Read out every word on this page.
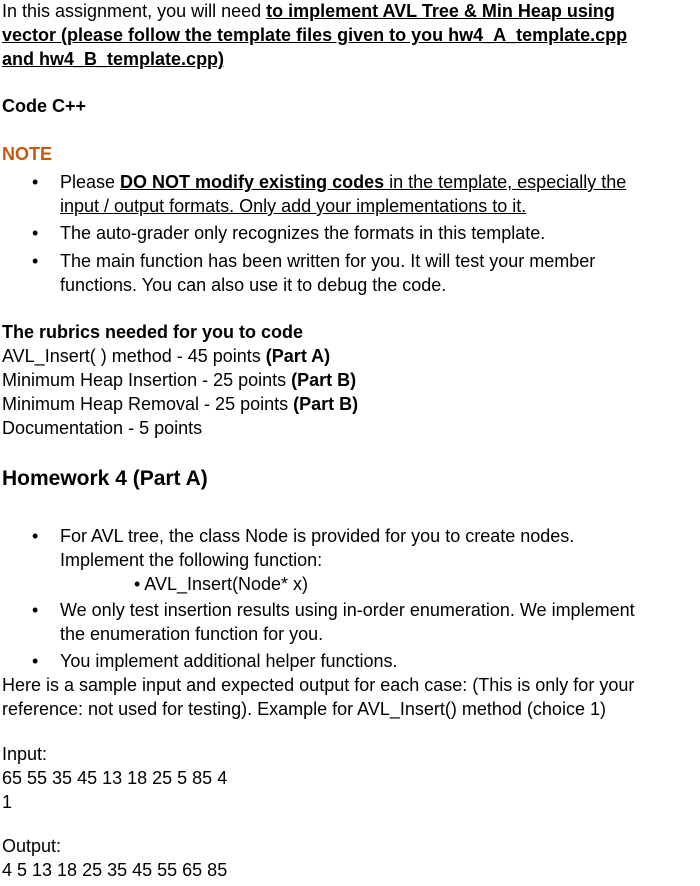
In this assignment, you will need to implement AVL Tree & Min Heap using
vector (please follow the template files given to you hw4_A_template.cpp
and hw4_B_template.cpp)
Code C++
NOTE
• Please DO NOT modify existing codes in the template, especially the
input / output formats. Only add your implementations to it.
• The auto-grader only recognizes the formats in this template.
• The main function has been written for you. It will test your member
functions. You can also use it to debug the code.
The rubrics needed for you to code
AVL_Insert( ) method - 45 points (Part A)
Minimum Heap Insertion - 25 points (Part B)
Minimum Heap Removal - 25 points (Part B)
Documentation - 5 points
Homework 4 (Part A)
• For AVL tree, the class Node is provided for you to create nodes.
Implement the following function:
• AVL_Insert(Node* x)
• We only test insertion results using in-order enumeration. We implement
the enumeration function for you.
• You implement additional helper functions.
Here is a sample input and expected output for each case: (This is only for your
reference: not used for testing). Example for AVL_Insert() method (choice 1)
Input:
65 55 35 45 13 18 25 5 85 4
1
Output:
4 5 13 18 25 35 45 55 65 85
